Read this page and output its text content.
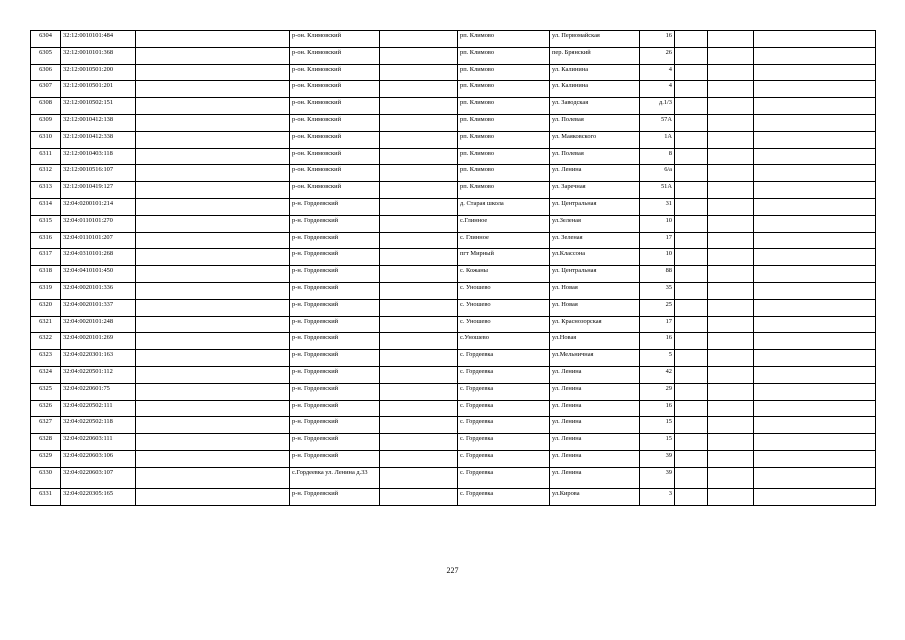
6304	32:12:0010101:484		р-он. Климовский		рп. Климово	ул. Первомайская	16			
6305	32:12:0010101:368		р-он. Климовский		рп. Климово	пер. Брянский	26			
6306	32:12:0010501:200		р-он. Климовский		рп. Климово	ул. Калинина	4			
6307	32:12:0010501:201		р-он. Климовский		рп. Климово	ул. Калинина	4			
6308	32:12:0010502:151		р-он. Климовский		рп. Климово	ул. Заводская	д.1/3			
6309	32:12:0010412:138		р-он. Климовский		рп. Климово	ул. Полевая	57А			
6310	32:12:0010412:338		р-он. Климовский		рп. Климово	ул. Маяковского	1А			
6311	32:12:0010403:118		р-он. Климовский		рп. Климово	ул. Полевая	8			
6312	32:12:0010516:107		р-он. Климовский		рп. Климово	ул. Ленина	6/а			
6313	32:12:0010419:127		р-он. Климовский		рп. Климово	ул. Заречная	51А			
6314	32:04:0200101:214		р-н. Гордеевский		д. Старая школа	ул. Центральная	31			
6315	32:04:0110101:270		р-н. Гордеевский		с.Глинное	ул.Зеленая	10			
6316	32:04:0110101:207		р-н. Гордеевский		с. Глинное	ул. Зеленая	17			
6317	32:04:0310101:268		р-н. Гордеевский		пгт Мирный	ул.Классона	10			
6318	32:04:0410101:450		р-н. Гордеевский		с. Кожаны	ул. Центральная	88			
6319	32:04:0020101:336		р-н. Гордеевский		с. Уношево	ул. Новая	35			
6320	32:04:0020101:337		р-н. Гордеевский		с. Уношево	ул. Новая	25			
6321	32:04:0020101:248		р-н. Гордеевский		с. Уношево	ул. Краснозорская	17			
6322	32:04:0020101:269		р-н. Гордеевский		с.Уношево	ул.Новая	16			
6323	32:04:0220301:163		р-н. Гордеевский		с. Гордеевка	ул.Мельничная	5			
6324	32:04:0220501:112		р-н. Гордеевский		с. Гордеевка	ул. Ленина	42			
6325	32:04:0220601:75		р-н. Гордеевский		с. Гордеевка	ул. Ленина	29			
6326	32:04:0220502:111		р-н. Гордеевский		с. Гордеевка	ул. Ленина	16			
6327	32:04:0220502:118		р-н. Гордеевский		с. Гордеевка	ул. Ленина	15			
6328	32:04:0220603:111		р-н. Гордеевский		с. Гордеевка	ул. Ленина	15			
6329	32:04:0220603:106		р-н. Гордеевский		с. Гордеевка	ул. Ленина	39			
6330	32:04:0220603:107		с.Гордеевка ул. Ленина д.33		с. Гордеевка	ул. Ленина	39			
6331	32:04:0220305:165		р-н. Гордеевский		с. Гордеевка	ул.Кирова	3			
227
